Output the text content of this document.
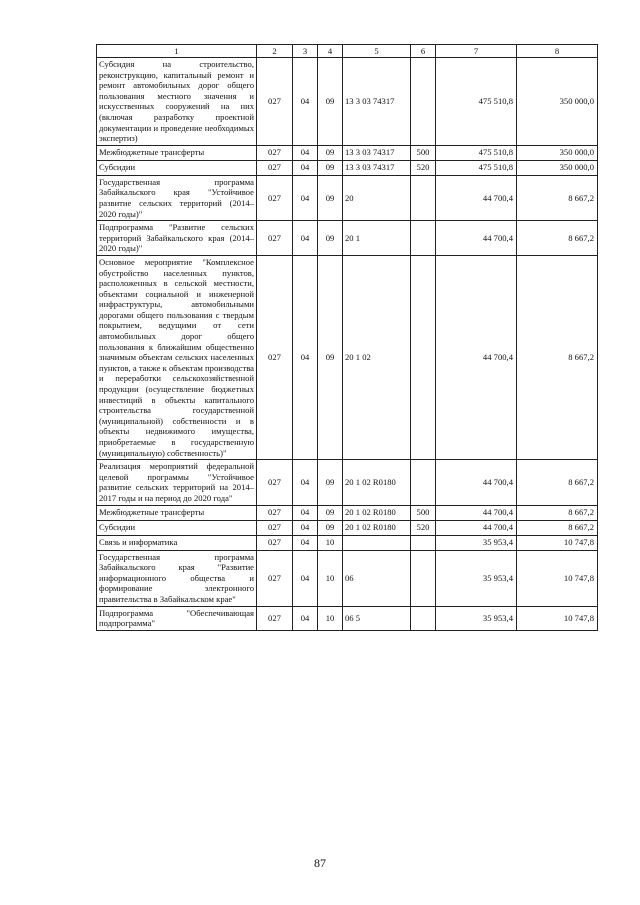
1	2	3	4	5	6	7	8
Субсидия на строительство, реконструкцию, капитальный ремонт и ремонт автомобильных дорог общего пользования местного значения и искусственных сооружений на них (включая разработку проектной документации и проведение необходимых экспертиз)	027	04	09	13 3 03 74317		475 510,8	350 000,0
Межбюджетные трансферты	027	04	09	13 3 03 74317	500	475 510,8	350 000,0
Субсидии	027	04	09	13 3 03 74317	520	475 510,8	350 000,0
Государственная программа Забайкальского края "Устойчивое развитие сельских территорий (2014–2020 годы)"	027	04	09	20		44 700,4	8 667,2
Подпрограмма "Развитие сельских территорий Забайкальского края (2014–2020 годы)"	027	04	09	20 1		44 700,4	8 667,2
Основное мероприятие "Комплексное обустройство населенных пунктов, расположенных в сельской местности, объектами социальной и инженерной инфраструктуры, автомобильными дорогами общего пользования с твердым покрытием, ведущими от сети автомобильных дорог общего пользования к ближайшим общественно значимым объектам сельских населенных пунктов, а также к объектам производства и переработки сельскохозяйственной продукции (осуществление бюджетных инвестиций в объекты капитального строительства государственной (муниципальной) собственности и в объекты недвижимого имущества, приобретаемые в государственную (муниципальную) собственность)"	027	04	09	20 1 02		44 700,4	8 667,2
Реализация мероприятий федеральной целевой программы "Устойчивое развитие сельских территорий на 2014–2017 годы и на период до 2020 года"	027	04	09	20 1 02 R0180		44 700,4	8 667,2
Межбюджетные трансферты	027	04	09	20 1 02 R0180	500	44 700,4	8 667,2
Субсидии	027	04	09	20 1 02 R0180	520	44 700,4	8 667,2
Связь и информатика	027	04	10			35 953,4	10 747,8
Государственная программа Забайкальского края "Развитие информационного общества и формирование электронного правительства в Забайкальском крае"	027	04	10	06		35 953,4	10 747,8
Подпрограмма "Обеспечивающая подпрограмма"	027	04	10	06 5		35 953,4	10 747,8
87
